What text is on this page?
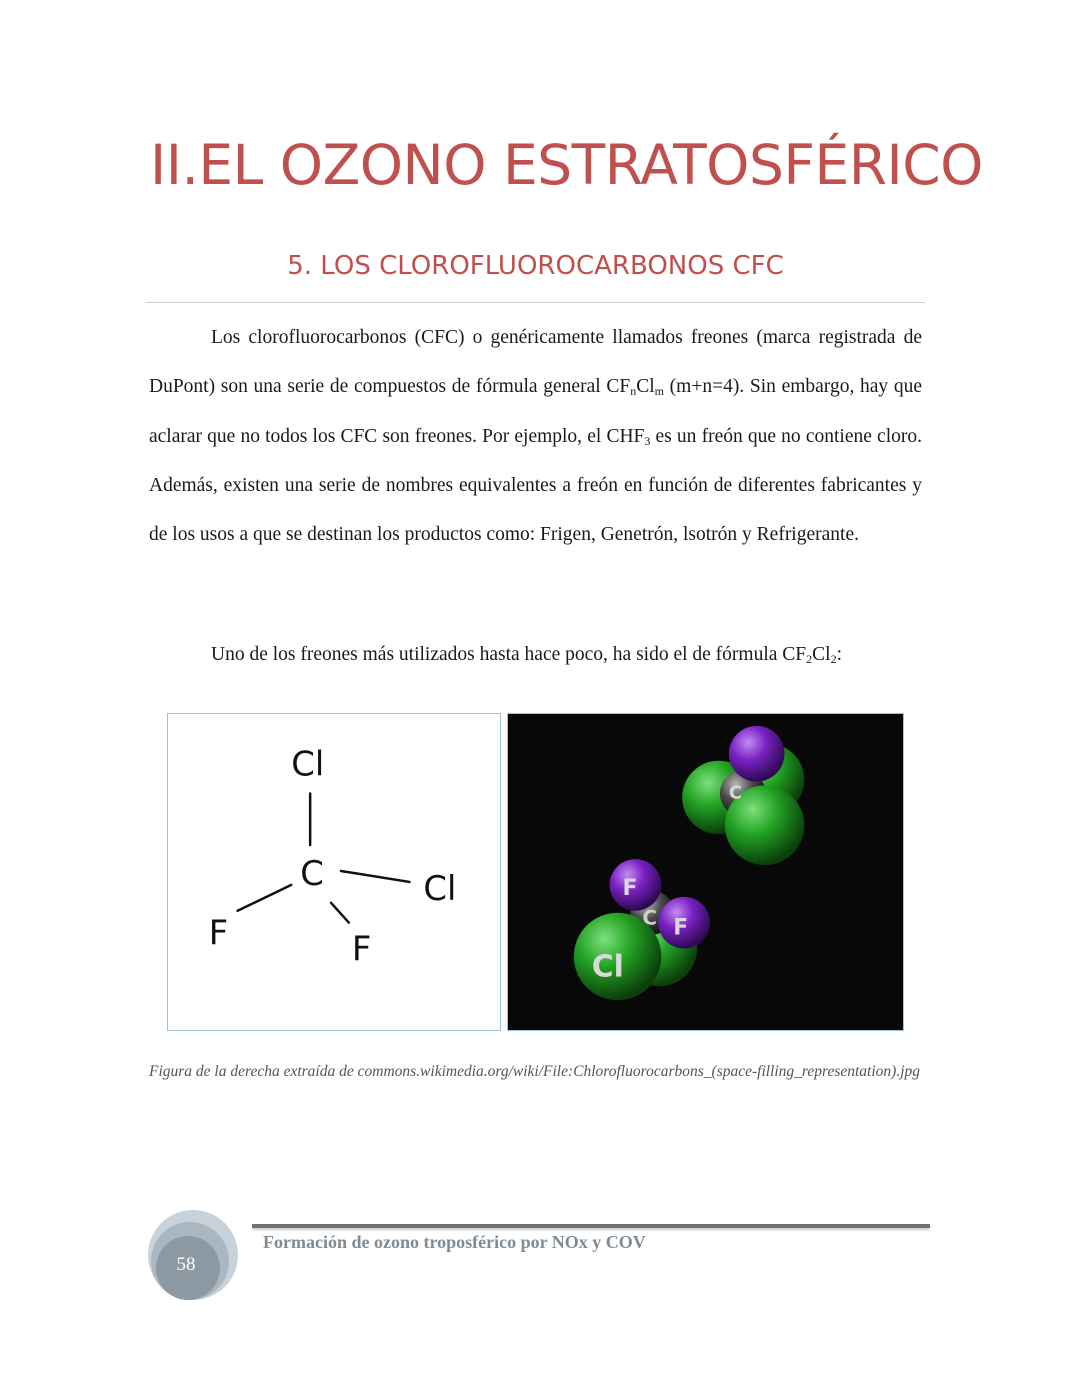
II.EL OZONO ESTRATOSFÉRICO
5. LOS CLOROFLUOROCARBONOS CFC

Los clorofluorocarbonos (CFC) o genéricamente llamados freones (marca registrada de DuPont) son una serie de compuestos de fórmula general $CF_nCl_m$ (m+n=4). Sin embargo, hay que aclarar que no todos los CFC son freones. Por ejemplo, el $CHF_3$ es un freón que no contiene cloro. Además, existen una serie de nombres equivalentes a freón en función de diferentes fabricantes y de los usos a que se destinan los productos como: Frigen, Genetrón, lsotrón y Refrigerante.

Uno de los freones más utilizados hasta hace poco, ha sido el de fórmula $CF_2Cl_2$:

Cl
C	Cl
F	F
C
Cl
F
C F
Figura de la derecha extraída de commons.wikimedia.org/wiki/File:Chlorofluorocarbons_(space-filling_representation).jpg
58
Formación de ozono troposférico por NOx y COV
